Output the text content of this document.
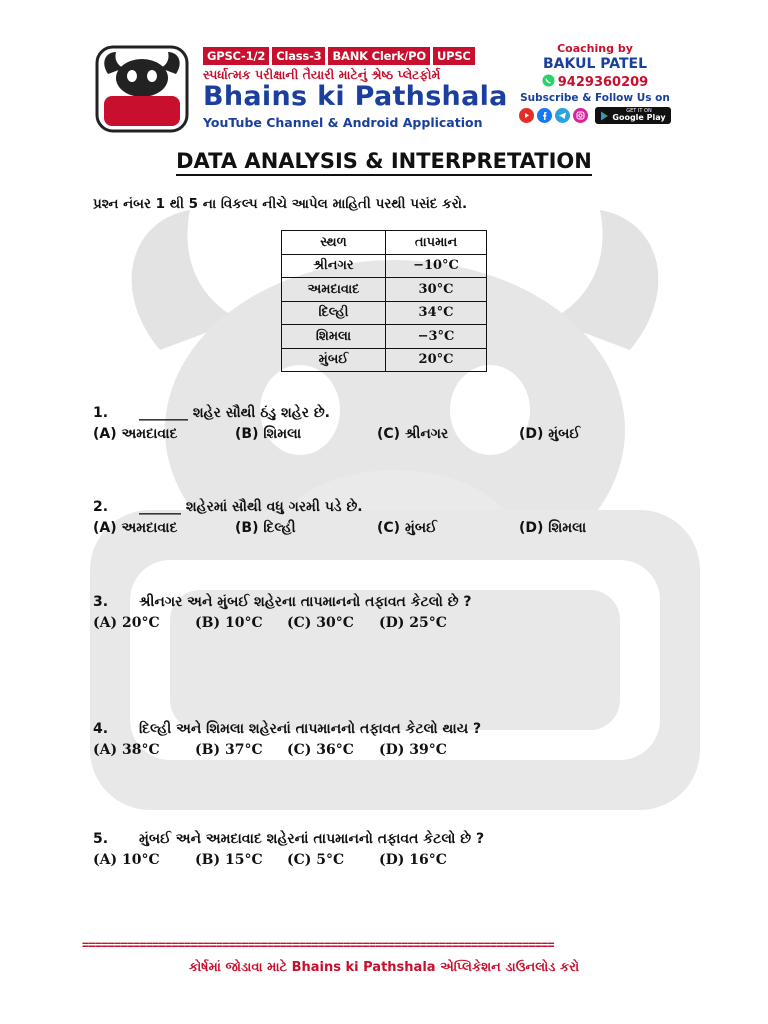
GPSC-1/2 Class-3 BANK Clerk/PO UPSC
સ્પર્ધાત્મક પરીક્ષાની તૈયારી માટેનું શ્રેષ્ઠ પ્લેટફોર્મ
Bhains ki Pathshala
YouTube Channel & Android Application
Coaching by
BAKUL PATEL
9429360209
Subscribe & Follow Us on
GET IT ON
Google Play
DATA ANALYSIS & INTERPRETATION
પ્રશ્ન નંબર 1 થી 5 ના વિકલ્પ નીચે આપેલ માહિતી પરથી પસંદ કરો.
સ્થળ	તાપમાન
શ્રીનગર	−10°C
અમદાવાદ	30°C
દિલ્હી	34°C
શિમલા	−3°C
મુંબઈ	20°C
1.	_______ શહેર સૌથી ઠંડુ શહેર છે.
(A) અમદાવાદ	(B) શિમલા	(C) શ્રીનગર	(D) મુંબઈ
2.	______ શહેરમાં સૌથી વધુ ગરમી પડે છે.
(A) અમદાવાદ	(B) દિલ્હી	(C) મુંબઈ	(D) શિમલા
3.	શ્રીનગર અને મુંબઈ શહેરના તાપમાનનો તફાવત કેટલો છે ?
(A) 20°C	(B) 10°C	(C) 30°C	(D) 25°C
4.	દિલ્હી અને શિમલા શહેરનાં તાપમાનનો તફાવત કેટલો થાય ?
(A) 38°C	(B) 37°C	(C) 36°C	(D) 39°C
5.	મુંબઈ અને અમદાવાદ શહેરનાં તાપમાનનો તફાવત કેટલો છે ?
(A) 10°C	(B) 15°C	(C) 5°C	(D) 16°C
==========================================================================
કોર્ષમાં જોડાવા માટે Bhains ki Pathshala એપ્લિકેશન ડાઉનલોડ કરો
